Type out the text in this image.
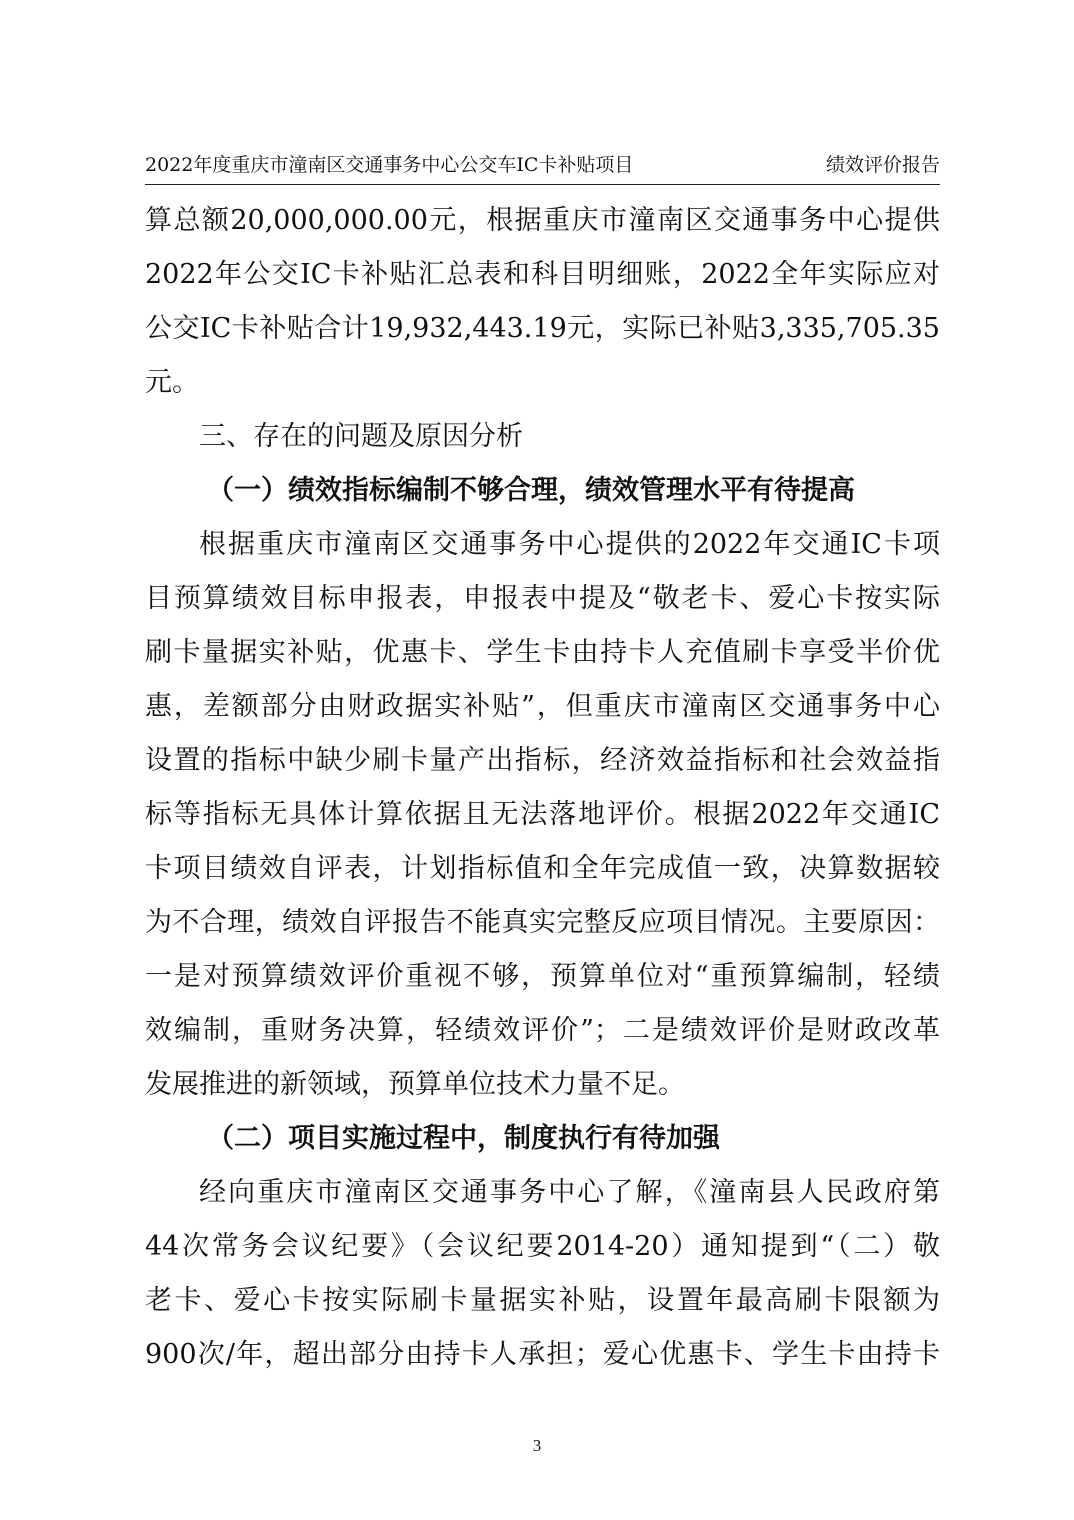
2022年度重庆市潼南区交通事务中心公交车IC卡补贴项目	绩效评价报告
算总额20,000,000.00元，根据重庆市潼南区交通事务中心提供
2022年公交IC卡补贴汇总表和科目明细账，2022全年实际应对
公交IC卡补贴合计19,932,443.19元，实际已补贴3,335,705.35
元。
三、存在的问题及原因分析
（一）绩效指标编制不够合理，绩效管理水平有待提高
根据重庆市潼南区交通事务中心提供的2022年交通IC卡项
目预算绩效目标申报表，申报表中提及“敬老卡、爱心卡按实际
刷卡量据实补贴，优惠卡、学生卡由持卡人充值刷卡享受半价优
惠，差额部分由财政据实补贴”，但重庆市潼南区交通事务中心
设置的指标中缺少刷卡量产出指标，经济效益指标和社会效益指
标等指标无具体计算依据且无法落地评价。根据2022年交通IC
卡项目绩效自评表，计划指标值和全年完成值一致，决算数据较
为不合理，绩效自评报告不能真实完整反应项目情况。主要原因：
一是对预算绩效评价重视不够，预算单位对“重预算编制，轻绩
效编制，重财务决算，轻绩效评价”；二是绩效评价是财政改革
发展推进的新领域，预算单位技术力量不足。
（二）项目实施过程中，制度执行有待加强
经向重庆市潼南区交通事务中心了解，《潼南县人民政府第
44次常务会议纪要》（会议纪要2014-20）通知提到“（二）敬
老卡、爱心卡按实际刷卡量据实补贴，设置年最高刷卡限额为
900次/年，超出部分由持卡人承担；爱心优惠卡、学生卡由持卡
3
